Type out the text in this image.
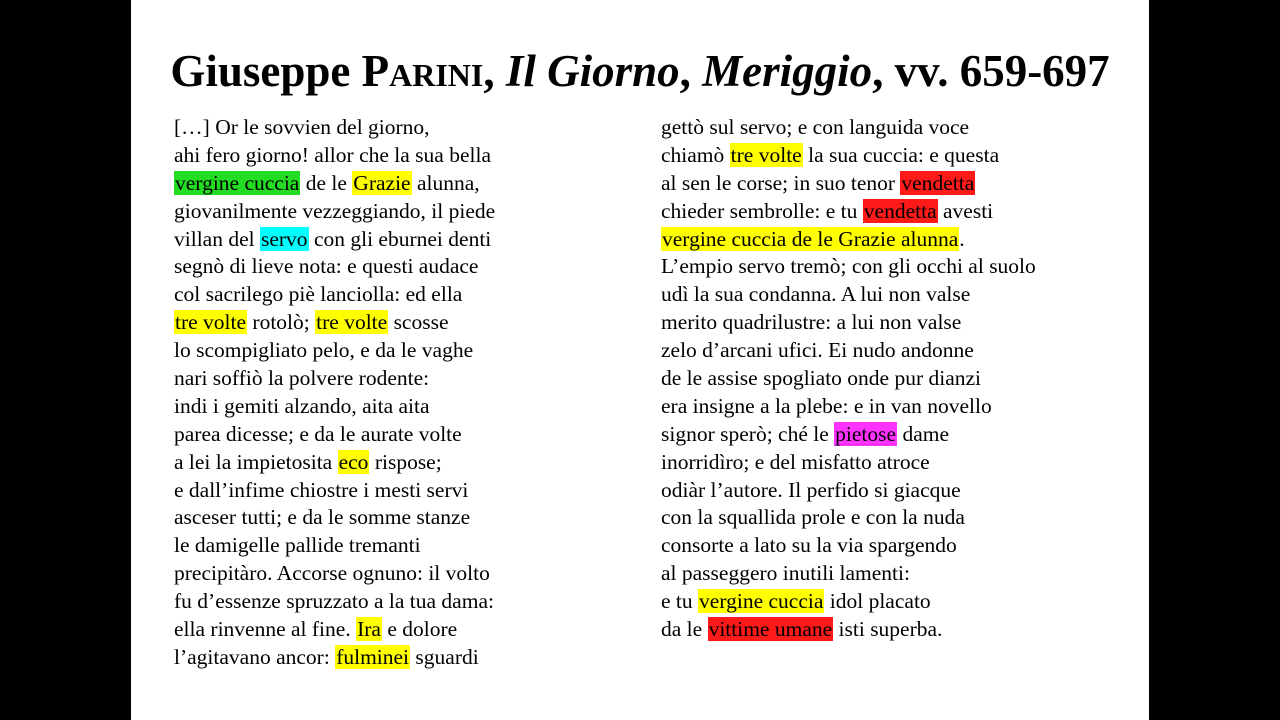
Giuseppe Parini, Il Giorno, Meriggio, vv. 659-697
[…] Or le sovvien del giorno,
ahi fero giorno! allor che la sua bella
vergine cuccia de le Grazie alunna,
giovanilmente vezzeggiando, il piede
villan del servo con gli eburnei denti
segnò di lieve nota: e questi audace
col sacrilego piè lanciolla: ed ella
tre volte rotolò; tre volte scosse
lo scompigliato pelo, e da le vaghe
nari soffiò la polvere rodente:
indi i gemiti alzando, aita aita
parea dicesse; e da le aurate volte
a lei la impietosita eco rispose;
e dall’infime chiostre i mesti servi
asceser tutti; e da le somme stanze
le damigelle pallide tremanti
precipitàro. Accorse ognuno: il volto
fu d’essenze spruzzato a la tua dama:
ella rinvenne al fine. Ira e dolore
l’agitavano ancor: fulminei sguardi
gettò sul servo; e con languida voce
chiamò tre volte la sua cuccia: e questa
al sen le corse; in suo tenor vendetta
chieder sembrolle: e tu vendetta avesti
vergine cuccia de le Grazie alunna.
L’empio servo tremò; con gli occhi al suolo
udì la sua condanna. A lui non valse
merito quadrilustre: a lui non valse
zelo d’arcani ufici. Ei nudo andonne
de le assise spogliato onde pur dianzi
era insigne a la plebe: e in van novello
signor sperò; ché le pietose dame
inorridìro; e del misfatto atroce
odiàr l’autore. Il perfido si giacque
con la squallida prole e con la nuda
consorte a lato su la via spargendo
al passeggero inutili lamenti:
e tu vergine cuccia idol placato
da le vittime umane isti superba.
